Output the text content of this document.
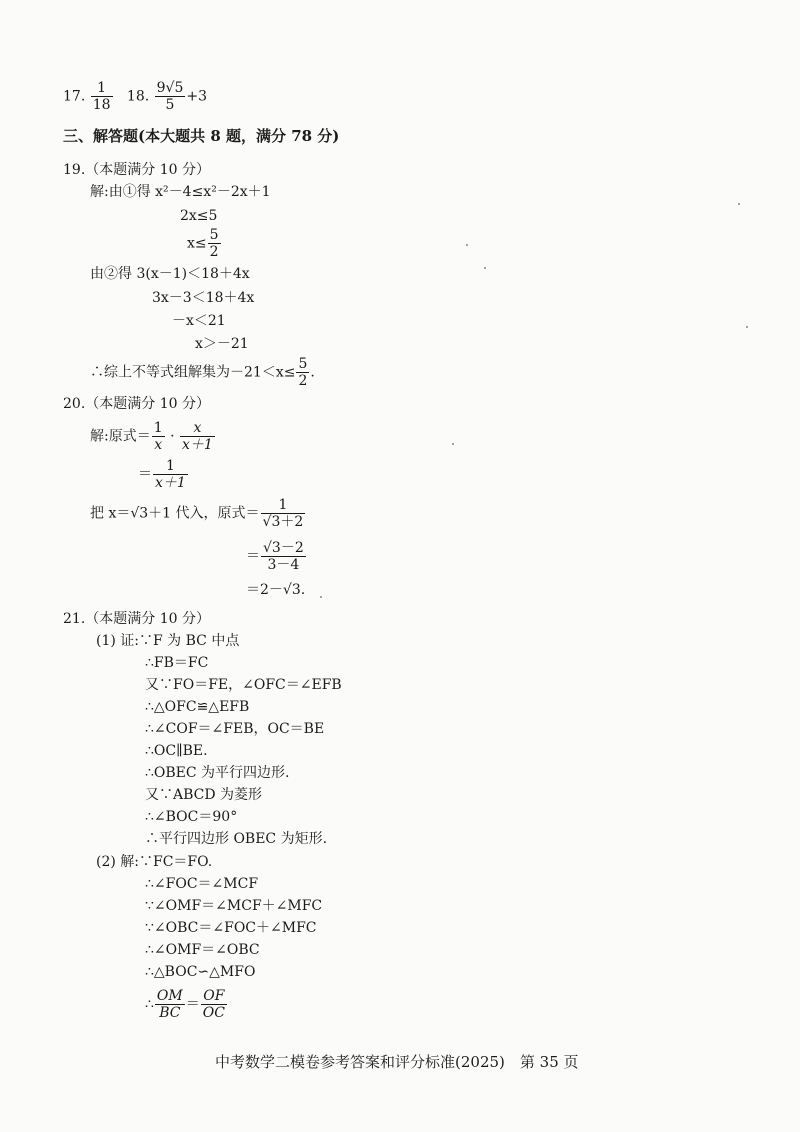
17. $\frac{1}{18} 18$. $\frac{9√5}{5} +3$
三、解答题(本大题共 8 题，满分 78 分)
19.（本题满分 10 分）
解:由①得 x²－4≤x²－2x＋1
2x≤5
$x\le \frac{5}{2}$
由②得 3(x－1)＜18＋4x
3x－3＜18＋4x
－x＜21
x＞－21
∴综上不等式组解集为$-21<x\le \frac{5}{2}$ .
20.（本题满分 10 分）
解:原式＝ $\frac{1}{x} \cdot \frac{x}{x+1}$
＝ $\frac{1}{x+1}$
把 x＝√3＋1 代入，原式＝ $\frac{1}{√3+2}$
＝ $\frac{√3-2}{3-4}$
＝2－√3.
21.（本题满分 10 分）
(1) 证:∵F 为 BC 中点
∴FB＝FC
又∵FO＝FE，∠OFC＝∠EFB
∴△OFC≌△EFB
∴∠COF＝∠FEB，OC＝BE
∴OC∥BE.
∴OBEC 为平行四边形.
又∵ABCD 为菱形
∴∠BOC＝90°
∴平行四边形 OBEC 为矩形.
(2) 解:∵FC＝FO.
∴∠FOC＝∠MCF
∵∠OMF＝∠MCF＋∠MFC
∵∠OBC＝∠FOC＋∠MFC
∴∠OMF＝∠OBC
∴△BOC∽△MFO
∴ $\frac{OM}{BC} = \frac{OF}{OC}$
中考数学二模卷参考答案和评分标准(2025)　第 35 页
